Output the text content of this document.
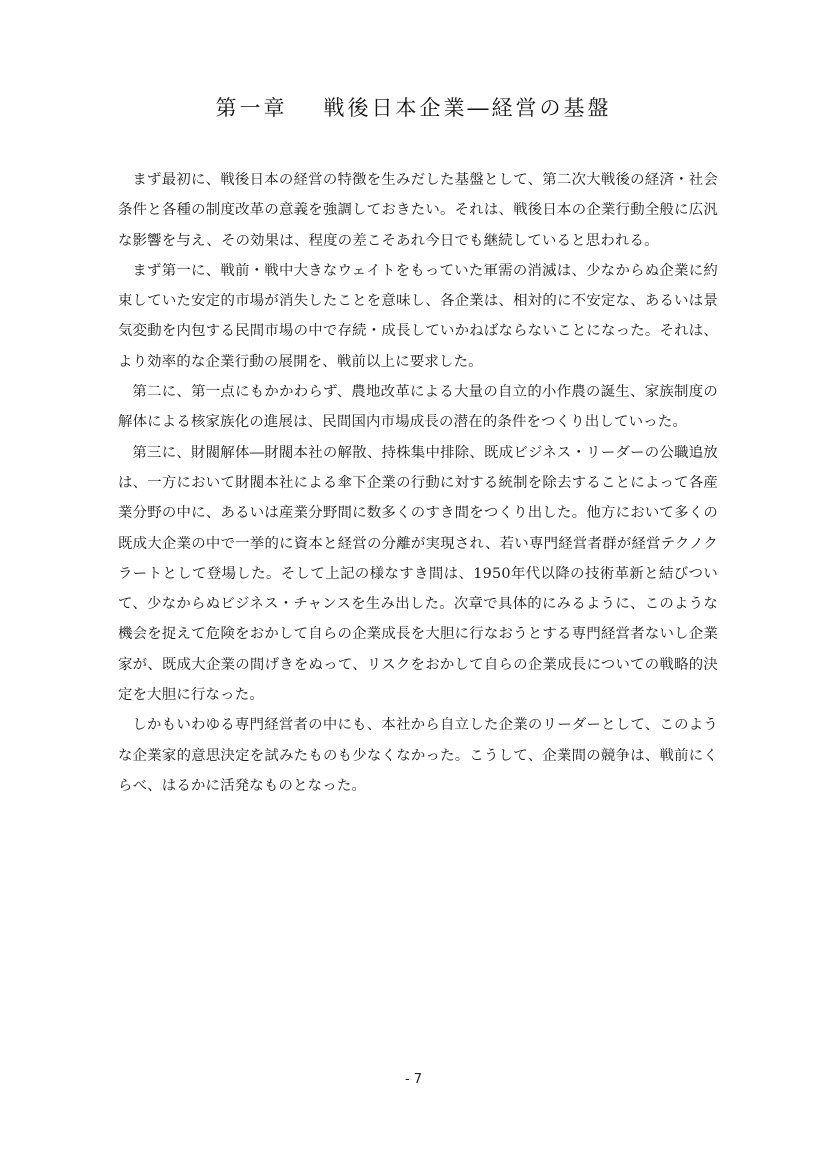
第一章 戦後日本企業―経営の基盤

まず最初に、戦後日本の経営の特徴を生みだした基盤として、第二次大戦後の経済・社会条件と各種の制度改革の意義を強調しておきたい。それは、戦後日本の企業行動全般に広汎な影響を与え、その効果は、程度の差こそあれ今日でも継続していると思われる。

まず第一に、戦前・戦中大きなウェイトをもっていた軍需の消滅は、少なからぬ企業に約束していた安定的市場が消失したことを意味し、各企業は、相対的に不安定な、あるいは景気変動を内包する民間市場の中で存続・成長していかねばならないことになった。それは、より効率的な企業行動の展開を、戦前以上に要求した。

第二に、第一点にもかかわらず、農地改革による大量の自立的小作農の誕生、家族制度の解体による核家族化の進展は、民間国内市場成長の潜在的条件をつくり出していった。

第三に、財閥解体―財閥本社の解散、持株集中排除、既成ビジネス・リーダーの公職追放は、一方において財閥本社による傘下企業の行動に対する統制を除去することによって各産業分野の中に、あるいは産業分野間に数多くのすき間をつくり出した。他方において多くの既成大企業の中で一挙的に資本と経営の分離が実現され、若い専門経営者群が経営テクノクラートとして登場した。そして上記の様なすき間は、1950年代以降の技術革新と結びついて、少なからぬビジネス・チャンスを生み出した。次章で具体的にみるように、このような機会を捉えて危険をおかして自らの企業成長を大胆に行なおうとする専門経営者ないし企業家が、既成大企業の間げきをぬって、リスクをおかして自らの企業成長についての戦略的決定を大胆に行なった。

しかもいわゆる専門経営者の中にも、本社から自立した企業のリーダーとして、このような企業家的意思決定を試みたものも少なくなかった。こうして、企業間の競争は、戦前にくらべ、はるかに活発なものとなった。

- 7
